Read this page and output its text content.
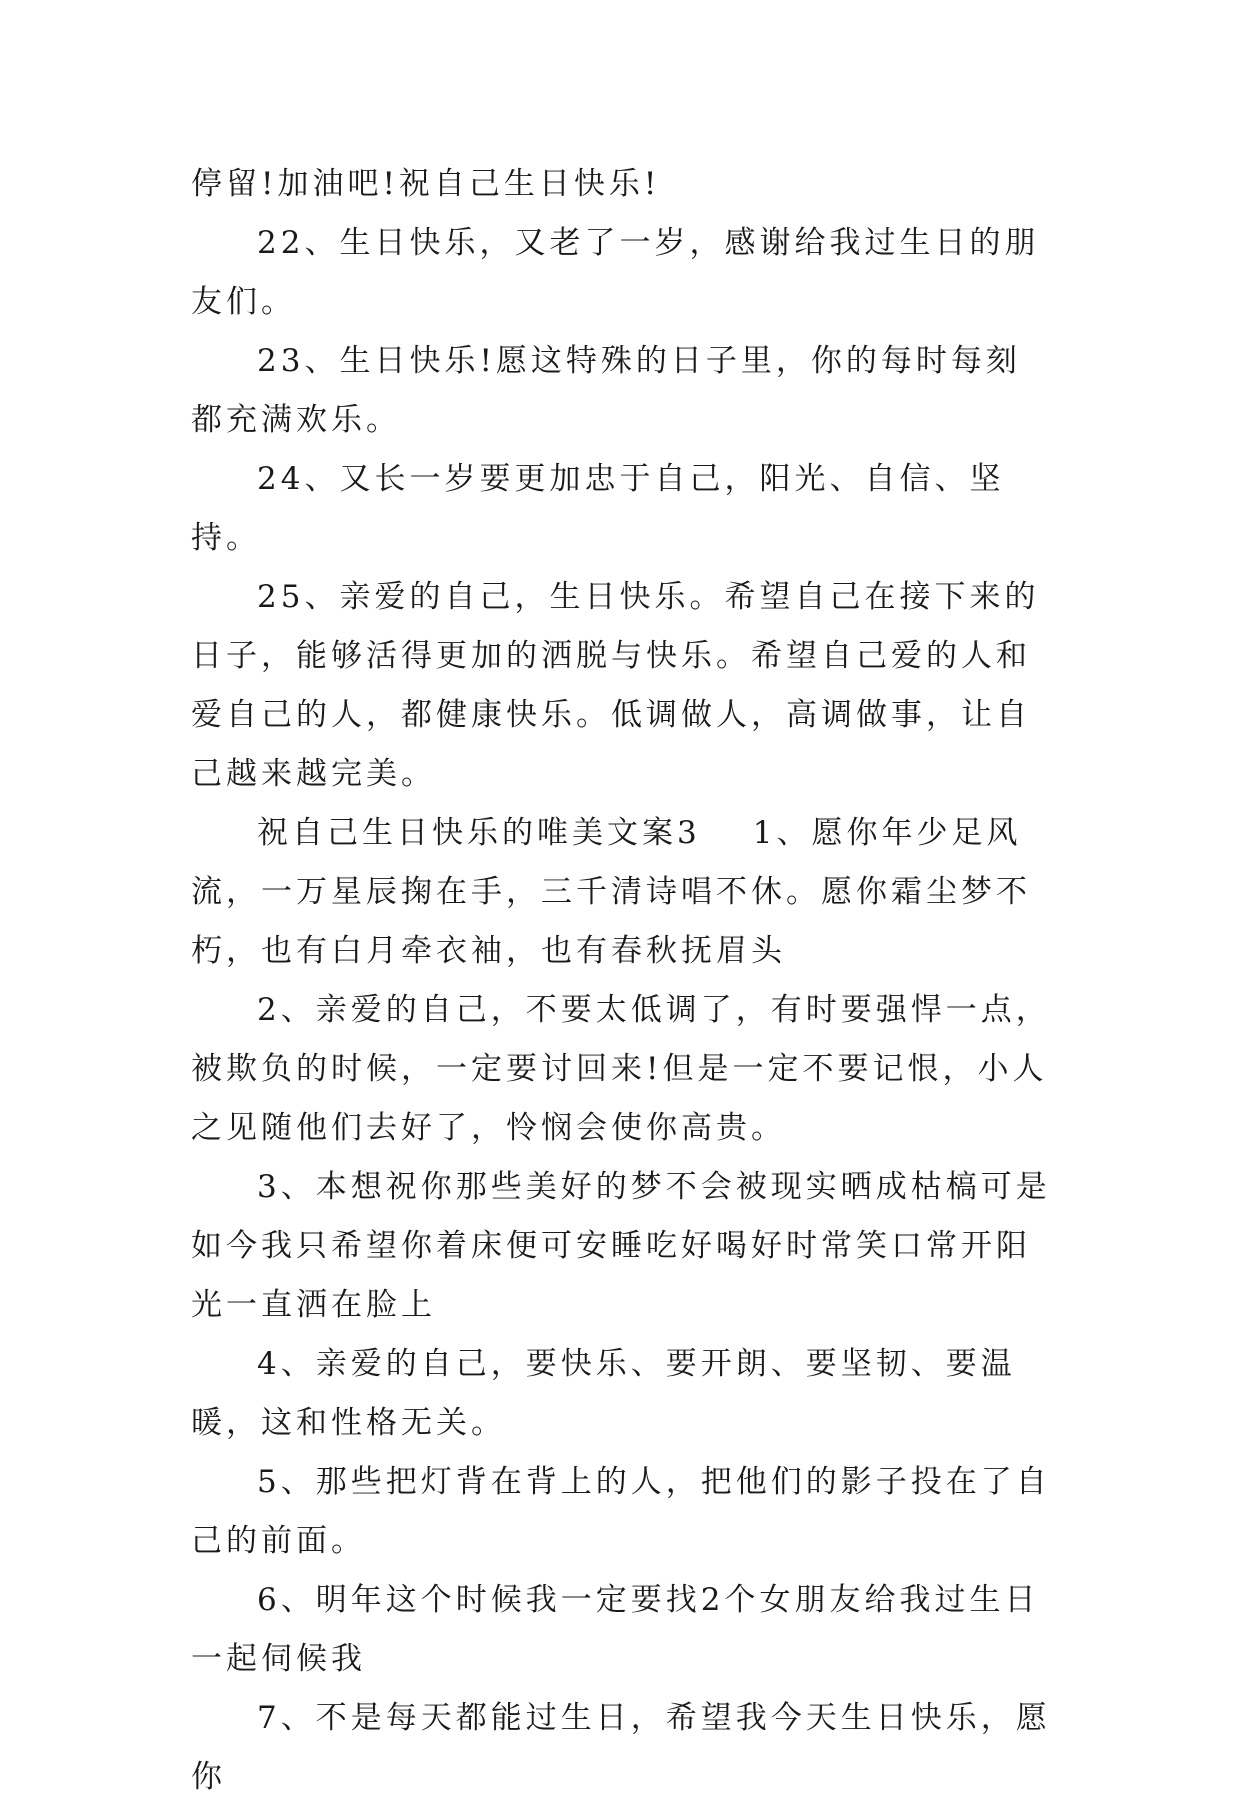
停留!加油吧!祝自己生日快乐!

22、生日快乐，又老了一岁，感谢给我过生日的朋友们。

23、生日快乐!愿这特殊的日子里，你的每时每刻都充满欢乐。

24、又长一岁要更加忠于自己，阳光、自信、坚持。

25、亲爱的自己，生日快乐。希望自己在接下来的日子，能够活得更加的洒脱与快乐。希望自己爱的人和爱自己的人，都健康快乐。低调做人，高调做事，让自己越来越完美。

祝自己生日快乐的唯美文案3 1、愿你年少足风流，一万星辰掬在手，三千清诗唱不休。愿你霜尘梦不朽，也有白月牵衣袖，也有春秋抚眉头

2、亲爱的自己，不要太低调了，有时要强悍一点，被欺负的时候，一定要讨回来!但是一定不要记恨，小人之见随他们去好了，怜悯会使你高贵。

3、本想祝你那些美好的梦不会被现实晒成枯槁可是如今我只希望你着床便可安睡吃好喝好时常笑口常开阳光一直洒在脸上

4、亲爱的自己，要快乐、要开朗、要坚韧、要温暖，这和性格无关。

5、那些把灯背在背上的人，把他们的影子投在了自己的前面。

6、明年这个时候我一定要找2个女朋友给我过生日一起伺候我

7、不是每天都能过生日，希望我今天生日快乐，愿你
